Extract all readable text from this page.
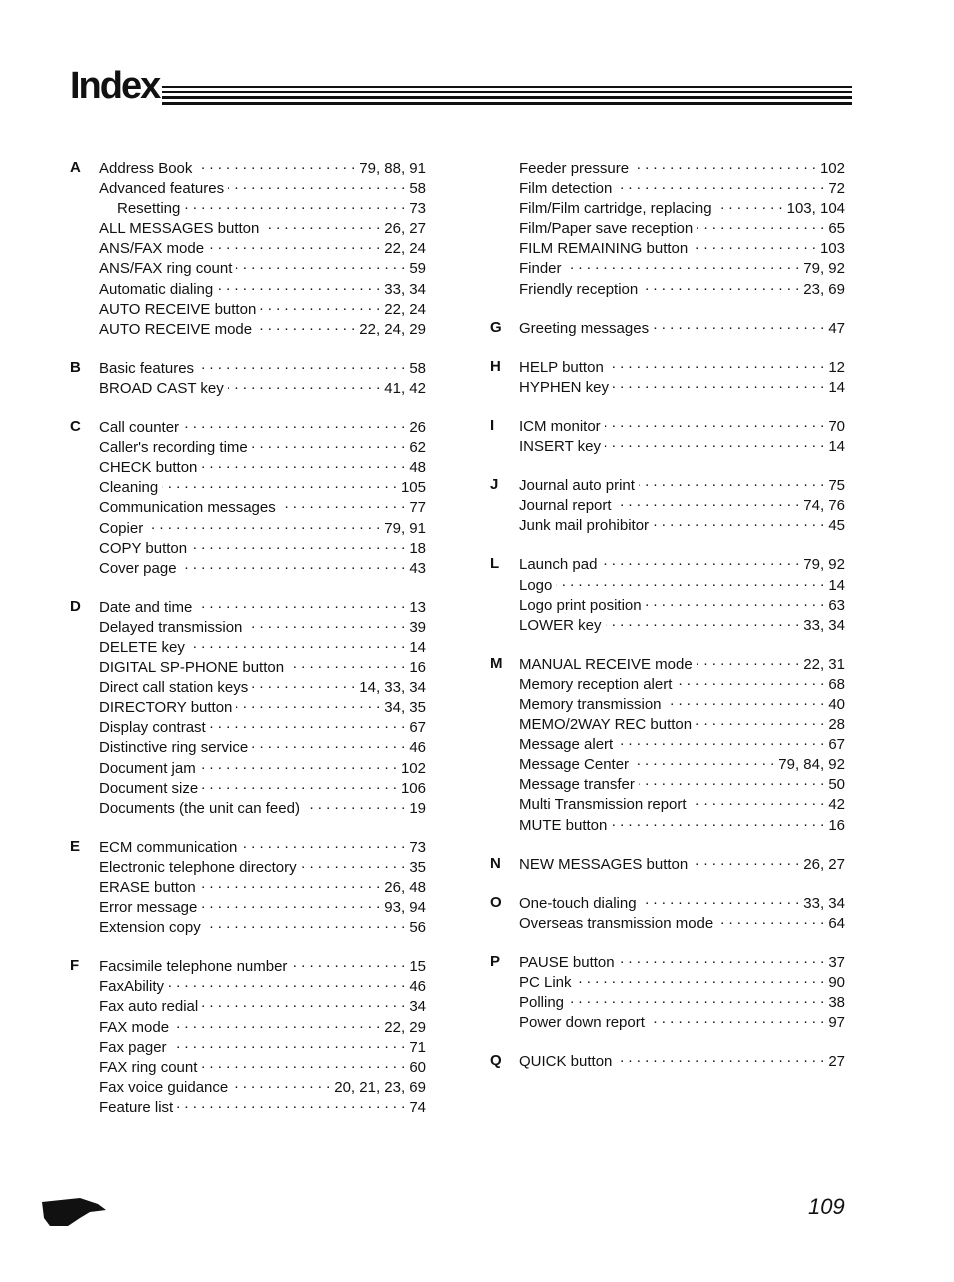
Index
A Address Book . . .	79, 88, 91
Advanced features . . .	58
Resetting . . .	73
ALL MESSAGES button . . .	26, 27
ANS/FAX mode . . .	22, 24
ANS/FAX ring count . . .	59
Automatic dialing . . .	33, 34
AUTO RECEIVE button . . .	22, 24
AUTO RECEIVE mode . . .	22, 24, 29
B Basic features . . .	58
BROAD CAST key . . .	41, 42
C Call counter . . .	26
Caller's recording time . . .	62
CHECK button . . .	48
Cleaning . . .	105
Communication messages . . .	77
Copier . . .	79, 91
COPY button . . .	18
Cover page . . .	43
D Date and time . . .	13
Delayed transmission . . .	39
DELETE key . . .	14
DIGITAL SP-PHONE button . . .	16
Direct call station keys . . .	14, 33, 34
DIRECTORY button . . .	34, 35
Display contrast . . .	67
Distinctive ring service . . .	46
Document jam . . .	102
Document size . . .	106
Documents (the unit can feed) . . .	19
E ECM communication . . .	73
Electronic telephone directory . . .	35
ERASE button . . .	26, 48
Error message . . .	93, 94
Extension copy . . .	56
F Facsimile telephone number . . .	15
FaxAbility . . .	46
Fax auto redial . . .	34
FAX mode . . .	22, 29
Fax pager . . .	71
FAX ring count . . .	60
Fax voice guidance . . .	20, 21, 23, 69
Feature list . . .	74
Feeder pressure . . .	102
Film detection . . .	72
Film/Film cartridge, replacing . . .	103, 104
Film/Paper save reception . . .	65
FILM REMAINING button . . .	103
Finder . . .	79, 92
Friendly reception . . .	23, 69
G Greeting messages . . .	47
H HELP button . . .	12
HYPHEN key . . .	14
I ICM monitor . . .	70
INSERT key . . .	14
J Journal auto print . . .	75
Journal report . . .	74, 76
Junk mail prohibitor . . .	45
L Launch pad . . .	79, 92
Logo . . .	14
Logo print position . . .	63
LOWER key . . .	33, 34
M MANUAL RECEIVE mode . . .	22, 31
Memory reception alert . . .	68
Memory transmission . . .	40
MEMO/2WAY REC button . . .	28
Message alert . . .	67
Message Center . . .	79, 84, 92
Message transfer . . .	50
Multi Transmission report . . .	42
MUTE button . . .	16
N NEW MESSAGES button . . .	26, 27
O One-touch dialing . . .	33, 34
Overseas transmission mode . . .	64
P PAUSE button . . .	37
PC Link . . .	90
Polling . . .	38
Power down report . . .	97
Q QUICK button . . .	27
109
